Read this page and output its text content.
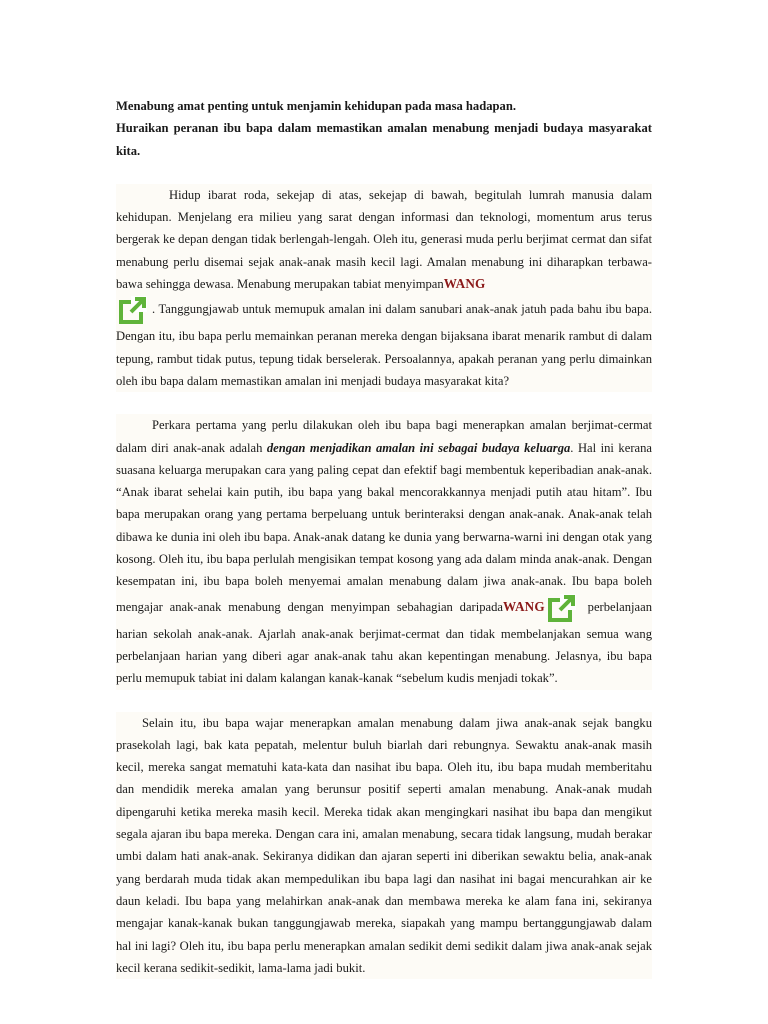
Menabung amat penting untuk menjamin kehidupan pada masa hadapan.
Huraikan peranan ibu bapa dalam memastikan amalan menabung menjadi budaya masyarakat kita.

Hidup ibarat roda, sekejap di atas, sekejap di bawah, begitulah lumrah manusia dalam kehidupan. Menjelang era milieu yang sarat dengan informasi dan teknologi, momentum arus terus bergerak ke depan dengan tidak berlengah-lengah. Oleh itu, generasi muda perlu berjimat cermat dan sifat menabung perlu disemai sejak anak-anak masih kecil lagi. Amalan menabung ini diharapkan terbawa-bawa sehingga dewasa. Menabung merupakan tabiat menyimpanWANG

. Tanggungjawab untuk memupuk amalan ini dalam sanubari anak-anak jatuh pada bahu ibu bapa. Dengan itu, ibu bapa perlu memainkan peranan mereka dengan bijaksana ibarat menarik rambut di dalam tepung, rambut tidak putus, tepung tidak berselerak. Persoalannya, apakah peranan yang perlu dimainkan oleh ibu bapa dalam memastikan amalan ini menjadi budaya masyarakat kita?

Perkara pertama yang perlu dilakukan oleh ibu bapa bagi menerapkan amalan berjimat-cermat dalam diri anak-anak adalah dengan menjadikan amalan ini sebagai budaya keluarga. Hal ini kerana suasana keluarga merupakan cara yang paling cepat dan efektif bagi membentuk keperibadian anak-anak. “Anak ibarat sehelai kain putih, ibu bapa yang bakal mencorakkannya menjadi putih atau hitam”. Ibu bapa merupakan orang yang pertama berpeluang untuk berinteraksi dengan anak-anak. Anak-anak telah dibawa ke dunia ini oleh ibu bapa. Anak-anak datang ke dunia yang berwarna-warni ini dengan otak yang kosong. Oleh itu, ibu bapa perlulah mengisikan tempat kosong yang ada dalam minda anak-anak. Dengan kesempatan ini, ibu bapa boleh menyemai amalan menabung dalam jiwa anak-anak. Ibu bapa boleh mengajar anak-anak menabung dengan menyimpan sebahagian daripadaWANG	perbelanjaan harian sekolah anak-anak. Ajarlah anak-anak berjimat-cermat dan tidak membelanjakan semua wang perbelanjaan harian yang diberi agar anak-anak tahu akan kepentingan menabung. Jelasnya, ibu bapa perlu memupuk tabiat ini dalam kalangan kanak-kanak “sebelum kudis menjadi tokak”.

Selain itu, ibu bapa wajar menerapkan amalan menabung dalam jiwa anak-anak sejak bangku prasekolah lagi, bak kata pepatah, melentur buluh biarlah dari rebungnya. Sewaktu anak-anak masih kecil, mereka sangat mematuhi kata-kata dan nasihat ibu bapa. Oleh itu, ibu bapa mudah memberitahu dan mendidik mereka amalan yang berunsur positif seperti amalan menabung. Anak-anak mudah dipengaruhi ketika mereka masih kecil. Mereka tidak akan mengingkari nasihat ibu bapa dan mengikut segala ajaran ibu bapa mereka. Dengan cara ini, amalan menabung, secara tidak langsung, mudah berakar umbi dalam hati anak-anak. Sekiranya didikan dan ajaran seperti ini diberikan sewaktu belia, anak-anak yang berdarah muda tidak akan mempedulikan ibu bapa lagi dan nasihat ini bagai mencurahkan air ke daun keladi. Ibu bapa yang melahirkan anak-anak dan membawa mereka ke alam fana ini, sekiranya mengajar kanak-kanak bukan tanggungjawab mereka, siapakah yang mampu bertanggungjawab dalam hal ini lagi? Oleh itu, ibu bapa perlu menerapkan amalan sedikit demi sedikit dalam jiwa anak-anak sejak kecil kerana sedikit-sedikit, lama-lama jadi bukit.
